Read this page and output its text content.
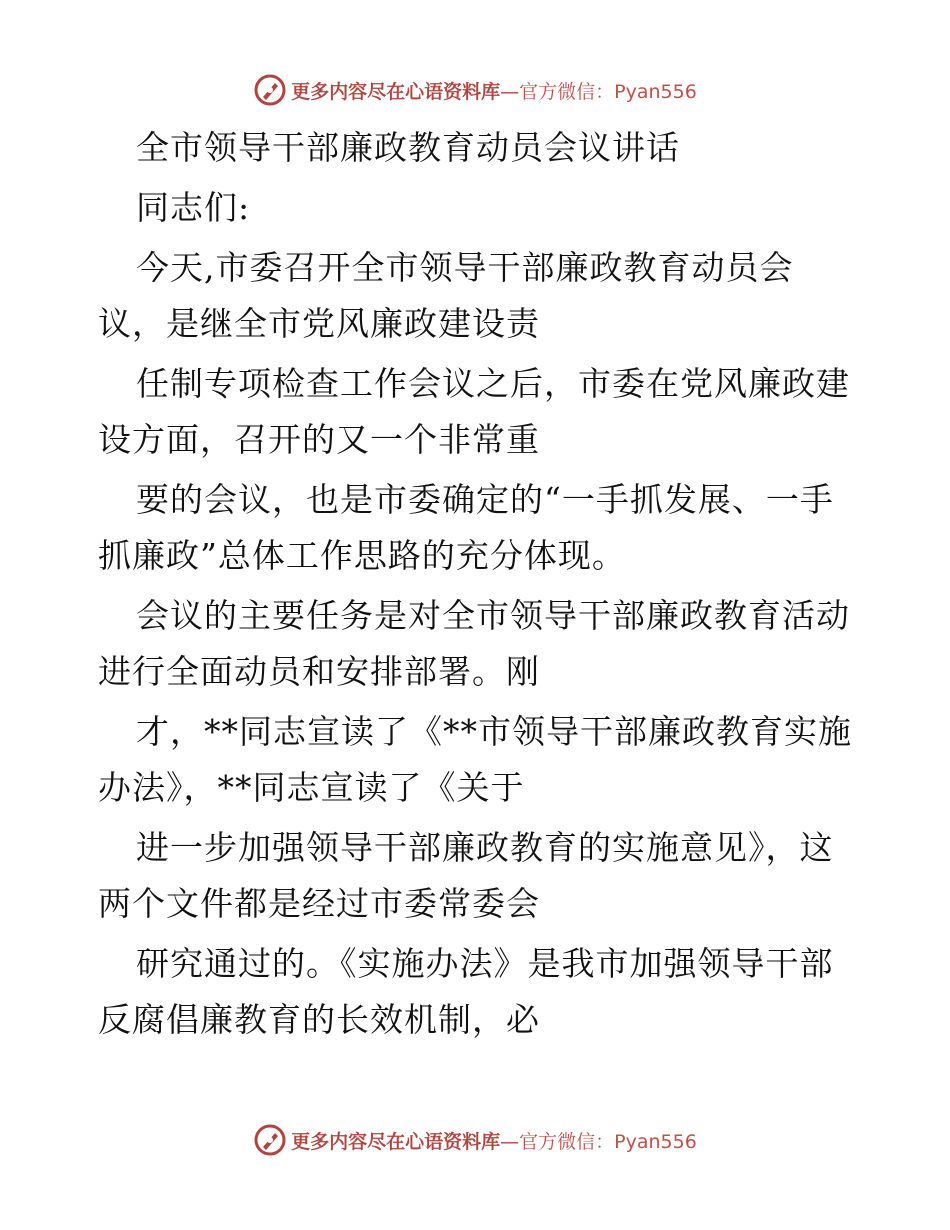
更多内容尽在心语资料库—官方微信：Pyan556
全市领导干部廉政教育动员会议讲话
同志们:
今天,市委召开全市领导干部廉政教育动员会
议，是继全市党风廉政建设责
任制专项检查工作会议之后，市委在党风廉政建
设方面，召开的又一个非常重
要的会议，也是市委确定的“一手抓发展、一手
抓廉政”总体工作思路的充分体现。
会议的主要任务是对全市领导干部廉政教育活动
进行全面动员和安排部署。刚
才，**同志宣读了《**市领导干部廉政教育实施
办法》，**同志宣读了《关于
进一步加强领导干部廉政教育的实施意见》，这
两个文件都是经过市委常委会
研究通过的。《实施办法》是我市加强领导干部
反腐倡廉教育的长效机制，必
更多内容尽在心语资料库—官方微信：Pyan556
